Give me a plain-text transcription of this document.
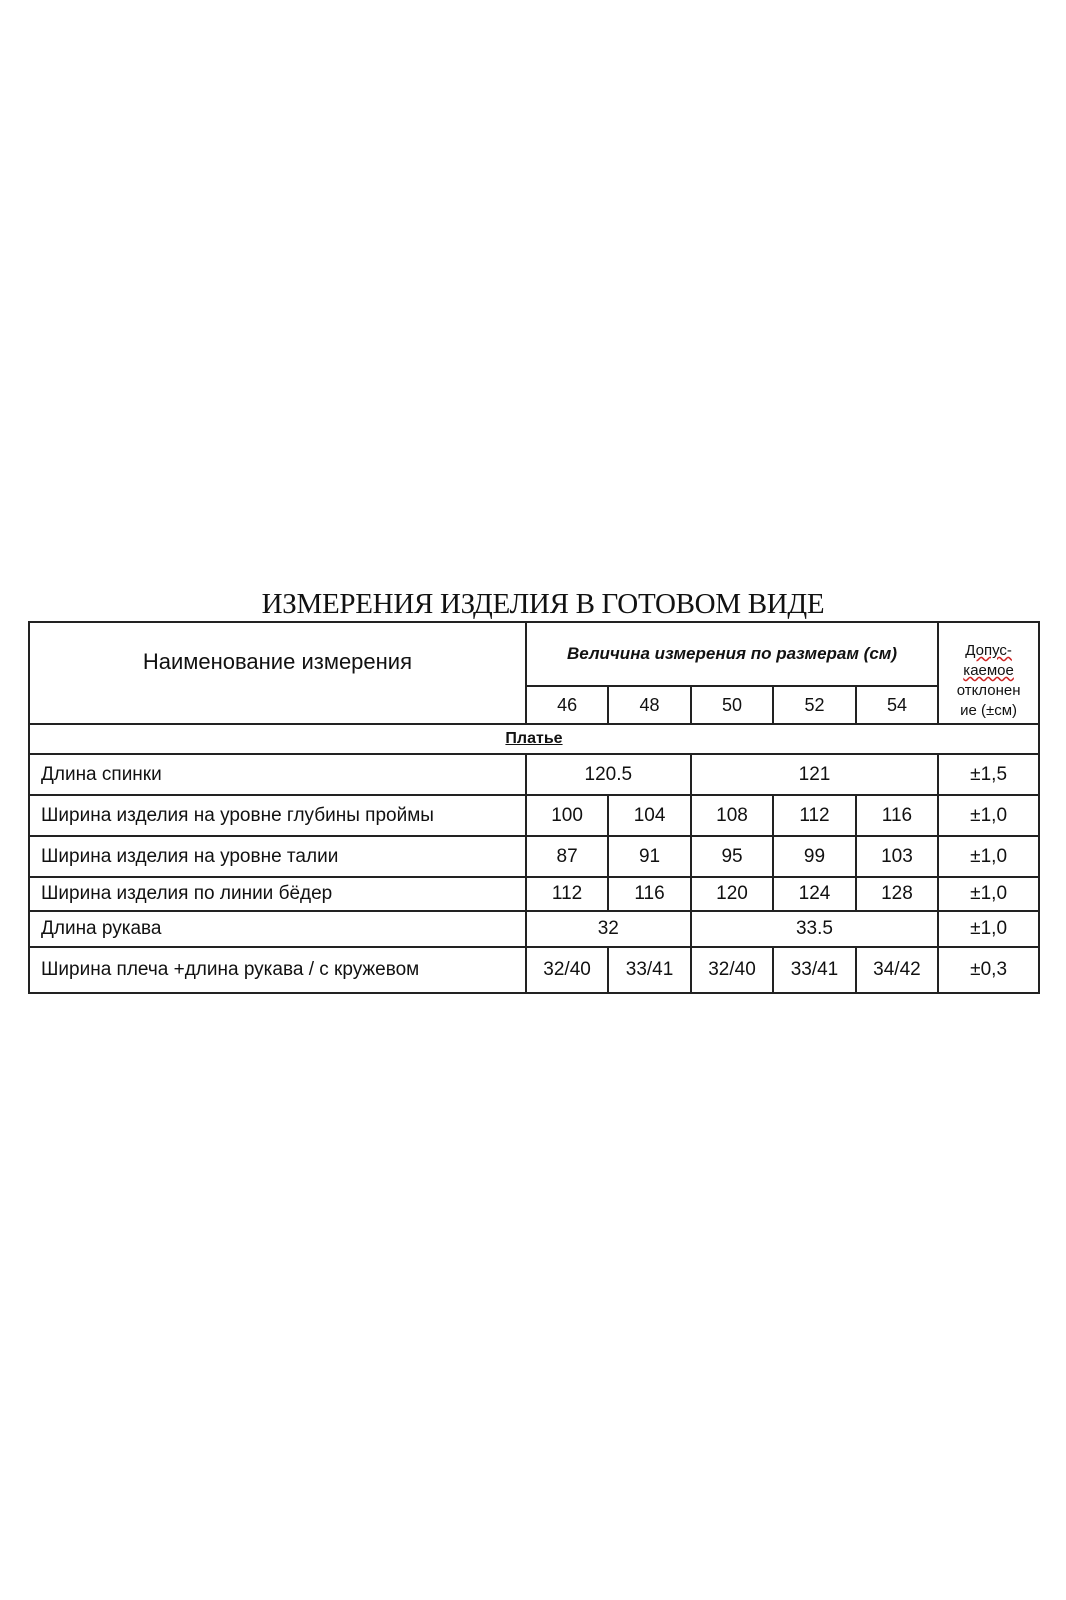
ИЗМЕРЕНИЯ ИЗДЕЛИЯ В ГОТОВОМ ВИДЕ
Наименование измерения	Величина измерения по размерам (см)					Допус-
каемое
отклонен
ие (±см)

	46	48	50	52	54	
Платье						
Длина спинки	120.5		121			±1,5
Ширина изделия на уровне глубины проймы	100	104	108	112	116	±1,0
Ширина изделия на уровне талии	87	91	95	99	103	±1,0
Ширина изделия по линии бёдер	112	116	120	124	128	±1,0
Длина рукава	32		33.5			±1,0
Ширина плеча +длина рукава / с кружевом	32/40	33/41	32/40	33/41	34/42	±0,3
